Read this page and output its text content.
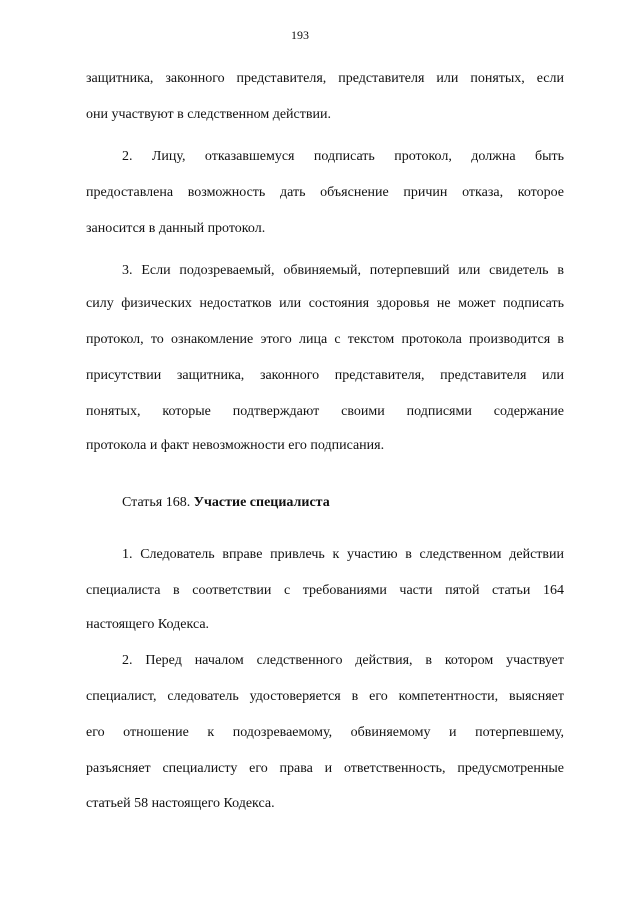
193
защитника, законного представителя, представителя или понятых, если
они участвуют в следственном действии.
2. Лицу, отказавшемуся подписать протокол, должна быть
предоставлена возможность дать объяснение причин отказа, которое
заносится в данный протокол.
3. Если подозреваемый, обвиняемый, потерпевший или свидетель в
силу физических недостатков или состояния здоровья не может подписать
протокол, то ознакомление этого лица с текстом протокола производится в
присутствии защитника, законного представителя, представителя или
понятых, которые подтверждают своими подписями содержание
протокола и факт невозможности его подписания.
Статья 168. Участие специалиста
1. Следователь вправе привлечь к участию в следственном действии
специалиста в соответствии с требованиями части пятой статьи 164
настоящего Кодекса.
2. Перед началом следственного действия, в котором участвует
специалист, следователь удостоверяется в его компетентности, выясняет
его отношение к подозреваемому, обвиняемому и потерпевшему,
разъясняет специалисту его права и ответственность, предусмотренные
статьей 58 настоящего Кодекса.
